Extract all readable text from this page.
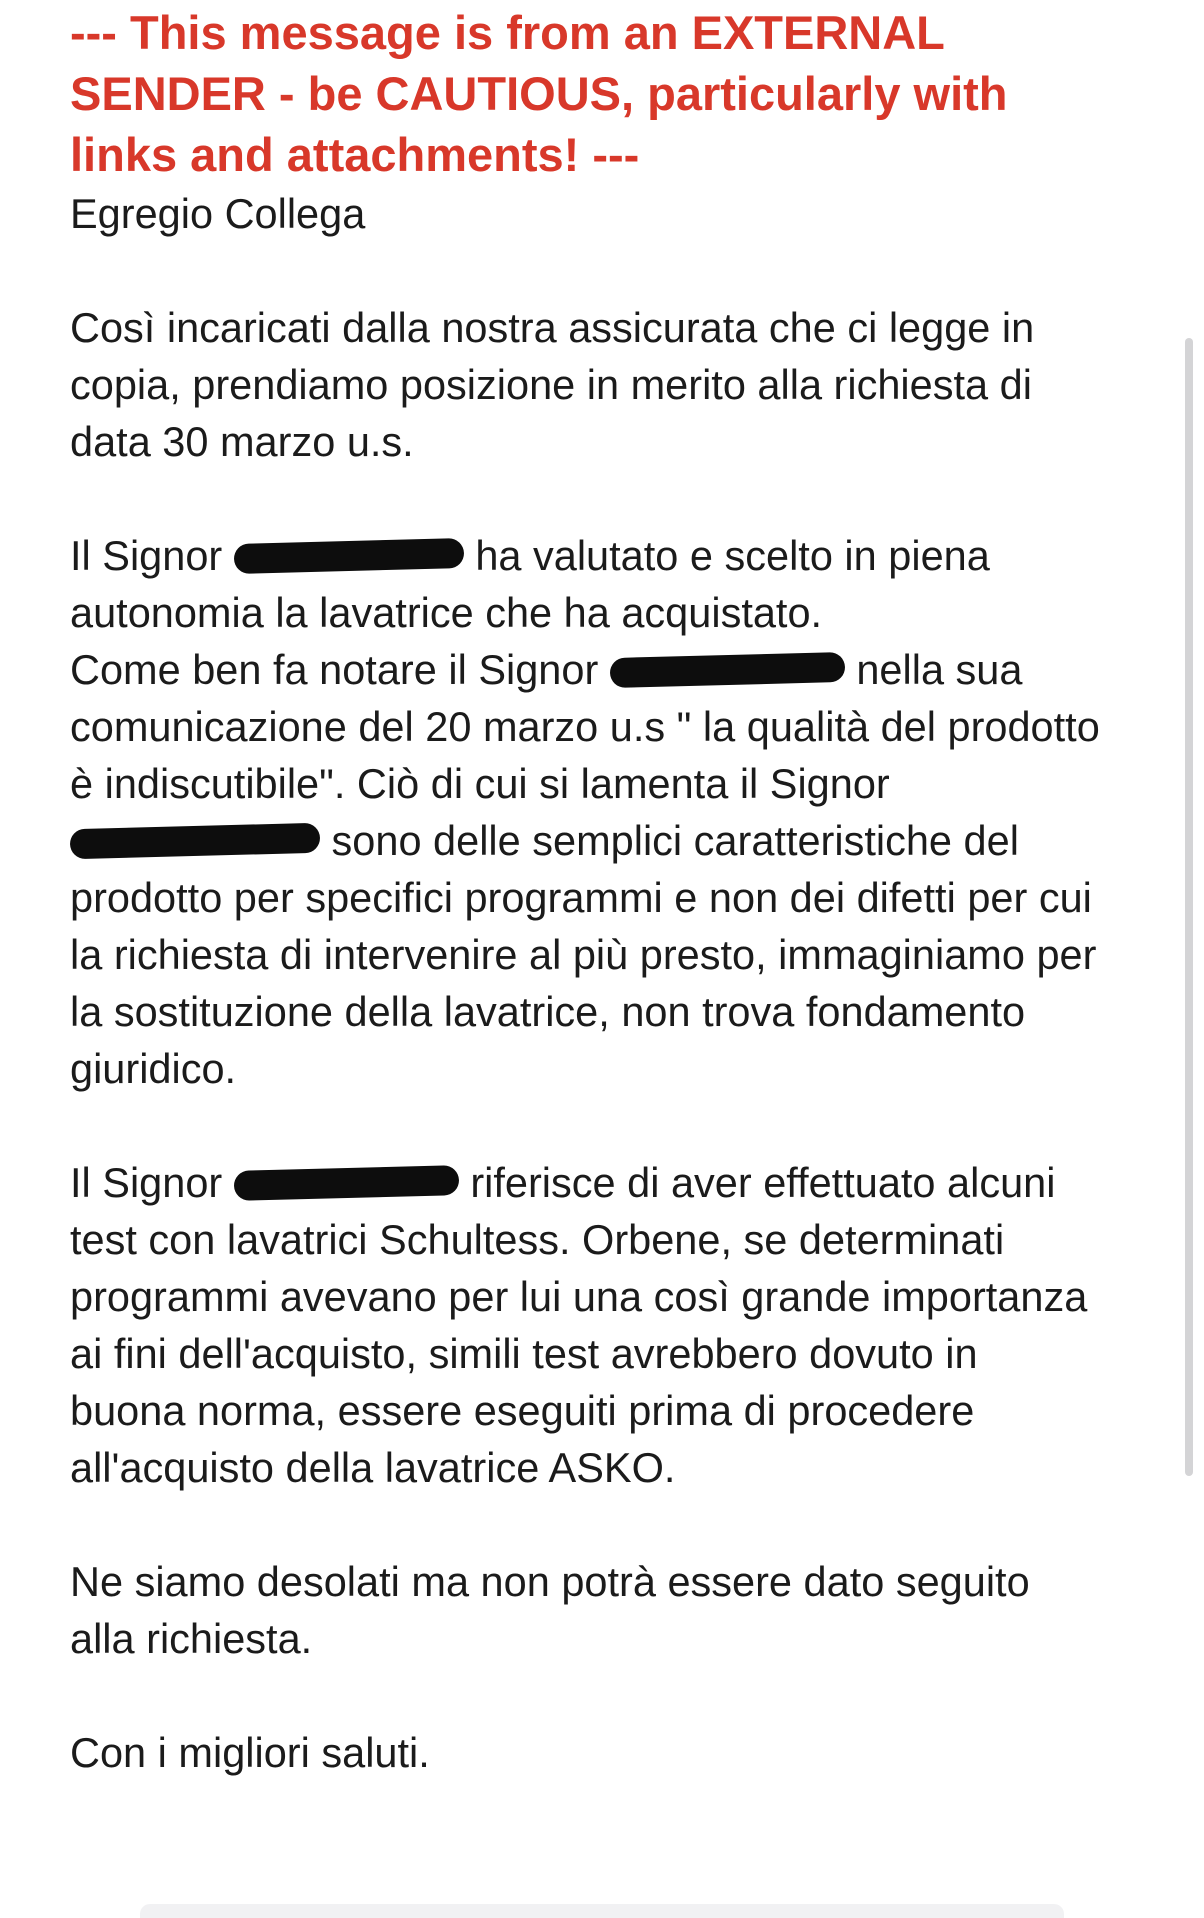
--- This message is from an EXTERNAL SENDER - be CAUTIOUS, particularly with links and attachments! ---

Egregio Collega

Così incaricati dalla nostra assicurata che ci legge in copia, prendiamo posizione in merito alla richiesta di data 30 marzo u.s.

Il Signor	ha valutato e scelto in piena autonomia la lavatrice che ha acquistato.

Come ben fa notare il Signor	nella sua comunicazione del 20 marzo u.s " la qualità del prodotto è indiscutibile". Ciò di cui si lamenta il Signor  sono delle semplici caratteristiche del prodotto per specifici programmi e non dei difetti per cui la richiesta di intervenire al più presto, immaginiamo per la sostituzione della lavatrice, non trova fondamento giuridico.

Il Signor	riferisce di aver effettuato alcuni test con lavatrici Schultess. Orbene, se determinati programmi avevano per lui una così grande importanza ai fini dell'acquisto, simili test avrebbero dovuto in buona norma, essere eseguiti prima di procedere all'acquisto della lavatrice ASKO.

Ne siamo desolati ma non potrà essere dato seguito alla richiesta.

Con i migliori saluti.
